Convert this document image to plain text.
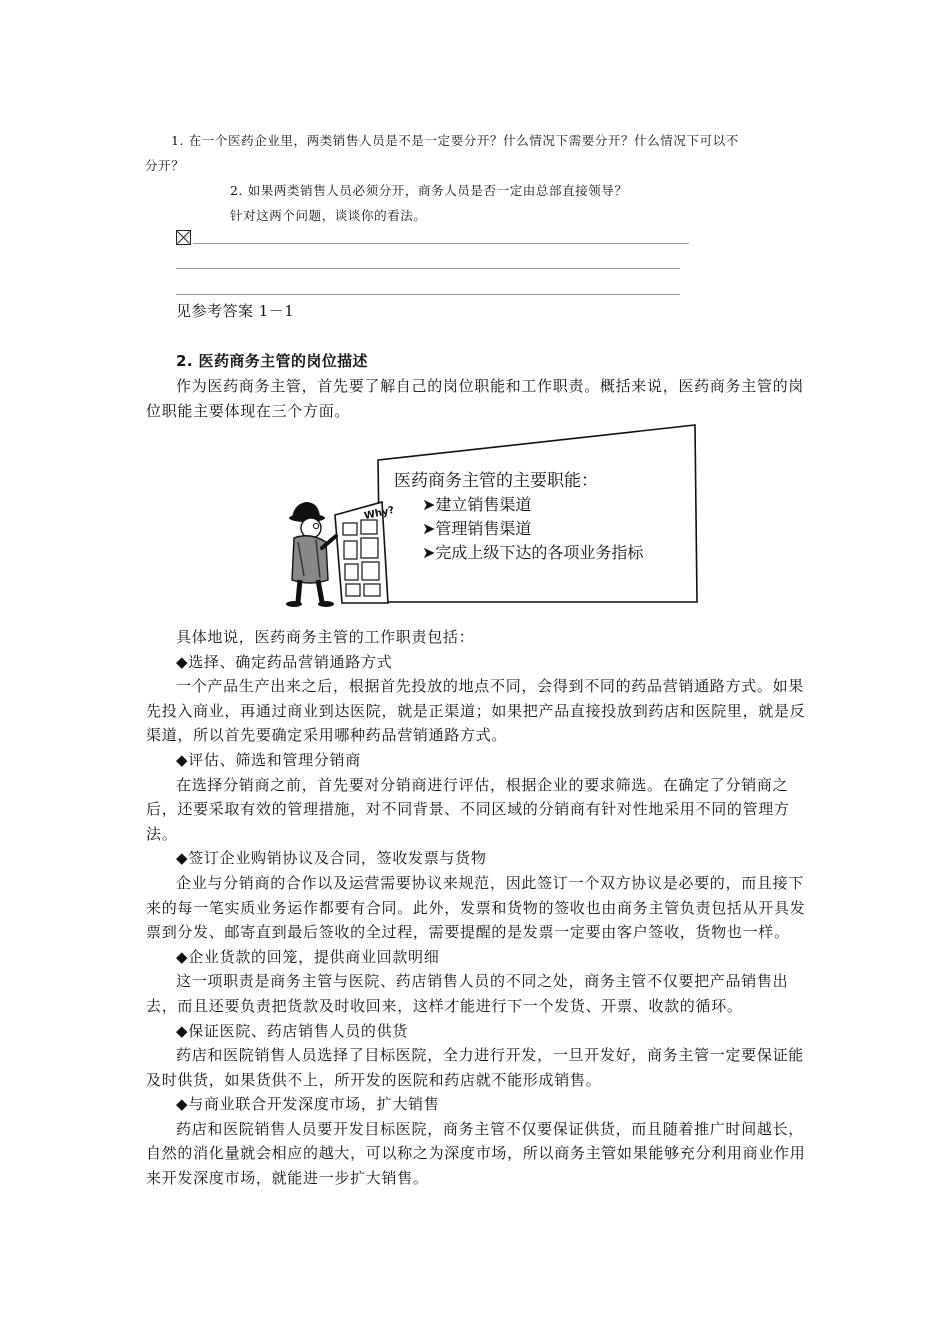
1. 在一个医药企业里，两类销售人员是不是一定要分开？什么情况下需要分开？什么情况下可以不
分开？
2. 如果两类销售人员必须分开，商务人员是否一定由总部直接领导？
针对这两个问题，谈谈你的看法。
见参考答案 1－1
2. 医药商务主管的岗位描述

作为医药商务主管，首先要了解自己的岗位职能和工作职责。概括来说，医药商务主管的岗位职能主要体现在三个方面。

Why?
医药商务主管的主要职能：
➤建立销售渠道
➤管理销售渠道
➤完成上级下达的各项业务指标

具体地说，医药商务主管的工作职责包括：

◆选择、确定药品营销通路方式

一个产品生产出来之后，根据首先投放的地点不同，会得到不同的药品营销通路方式。如果先投入商业，再通过商业到达医院，就是正渠道；如果把产品直接投放到药店和医院里，就是反渠道，所以首先要确定采用哪种药品营销通路方式。

◆评估、筛选和管理分销商

在选择分销商之前，首先要对分销商进行评估，根据企业的要求筛选。在确定了分销商之后，还要采取有效的管理措施，对不同背景、不同区域的分销商有针对性地采用不同的管理方法。

◆签订企业购销协议及合同，签收发票与货物

企业与分销商的合作以及运营需要协议来规范，因此签订一个双方协议是必要的，而且接下来的每一笔实质业务运作都要有合同。此外，发票和货物的签收也由商务主管负责包括从开具发票到分发、邮寄直到最后签收的全过程，需要提醒的是发票一定要由客户签收，货物也一样。

◆企业货款的回笼，提供商业回款明细

这一项职责是商务主管与医院、药店销售人员的不同之处，商务主管不仅要把产品销售出去，而且还要负责把货款及时收回来，这样才能进行下一个发货、开票、收款的循环。

◆保证医院、药店销售人员的供货

药店和医院销售人员选择了目标医院，全力进行开发，一旦开发好，商务主管一定要保证能及时供货，如果货供不上，所开发的医院和药店就不能形成销售。

◆与商业联合开发深度市场，扩大销售

药店和医院销售人员要开发目标医院，商务主管不仅要保证供货，而且随着推广时间越长，自然的消化量就会相应的越大，可以称之为深度市场，所以商务主管如果能够充分利用商业作用来开发深度市场，就能进一步扩大销售。
